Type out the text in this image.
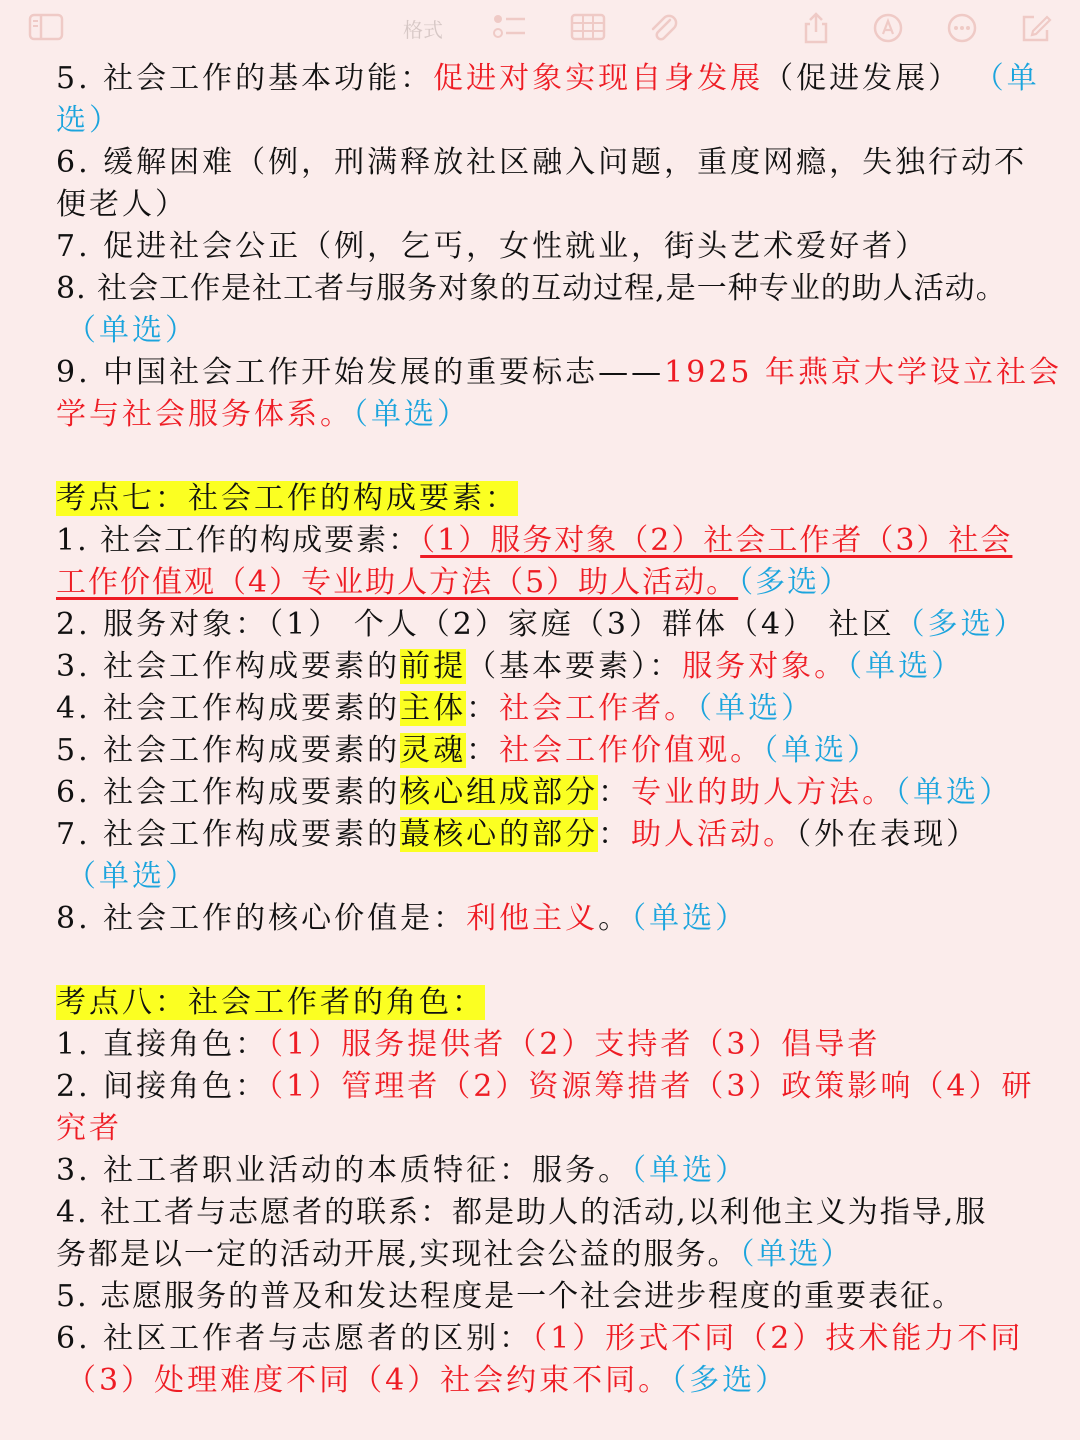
格式
5. 社会工作的基本功能：促进对象实现自身发展（促进发展） （单
选）
6. 缓解困难（例，刑满释放社区融入问题，重度网瘾，失独行动不
便老人）
7. 促进社会公正（例，乞丐，女性就业，街头艺术爱好者）
8. 社会工作是社工者与服务对象的互动过程,是一种专业的助人活动。
（单选）
9. 中国社会工作开始发展的重要标志——1925 年燕京大学设立社会
学与社会服务体系。（单选）
考点七：社会工作的构成要素：
1. 社会工作的构成要素：（1）服务对象（2）社会工作者（3）社会
工作价值观（4）专业助人方法（5）助人活动。（多选）
2. 服务对象：（1） 个人（2）家庭（3）群体（4） 社区（多选）
3. 社会工作构成要素的前提（基本要素）：服务对象。（单选）
4. 社会工作构成要素的主体：社会工作者。（单选）
5. 社会工作构成要素的灵魂：社会工作价值观。（单选）
6. 社会工作构成要素的核心组成部分：专业的助人方法。（单选）
7. 社会工作构成要素的蕞核心的部分：助人活动。（外在表现）
（单选）
8. 社会工作的核心价值是：利他主义。（单选）
考点八：社会工作者的角色：
1. 直接角色：（1）服务提供者（2）支持者（3）倡导者
2. 间接角色：（1）管理者（2）资源筹措者（3）政策影响（4）研
究者
3. 社工者职业活动的本质特征：服务。（单选）
4. 社工者与志愿者的联系：都是助人的活动,以利他主义为指导,服
务都是以一定的活动开展,实现社会公益的服务。（单选）
5. 志愿服务的普及和发达程度是一个社会进步程度的重要表征。
6. 社区工作者与志愿者的区别：（1）形式不同（2）技术能力不同
（3）处理难度不同（4）社会约束不同。（多选）
